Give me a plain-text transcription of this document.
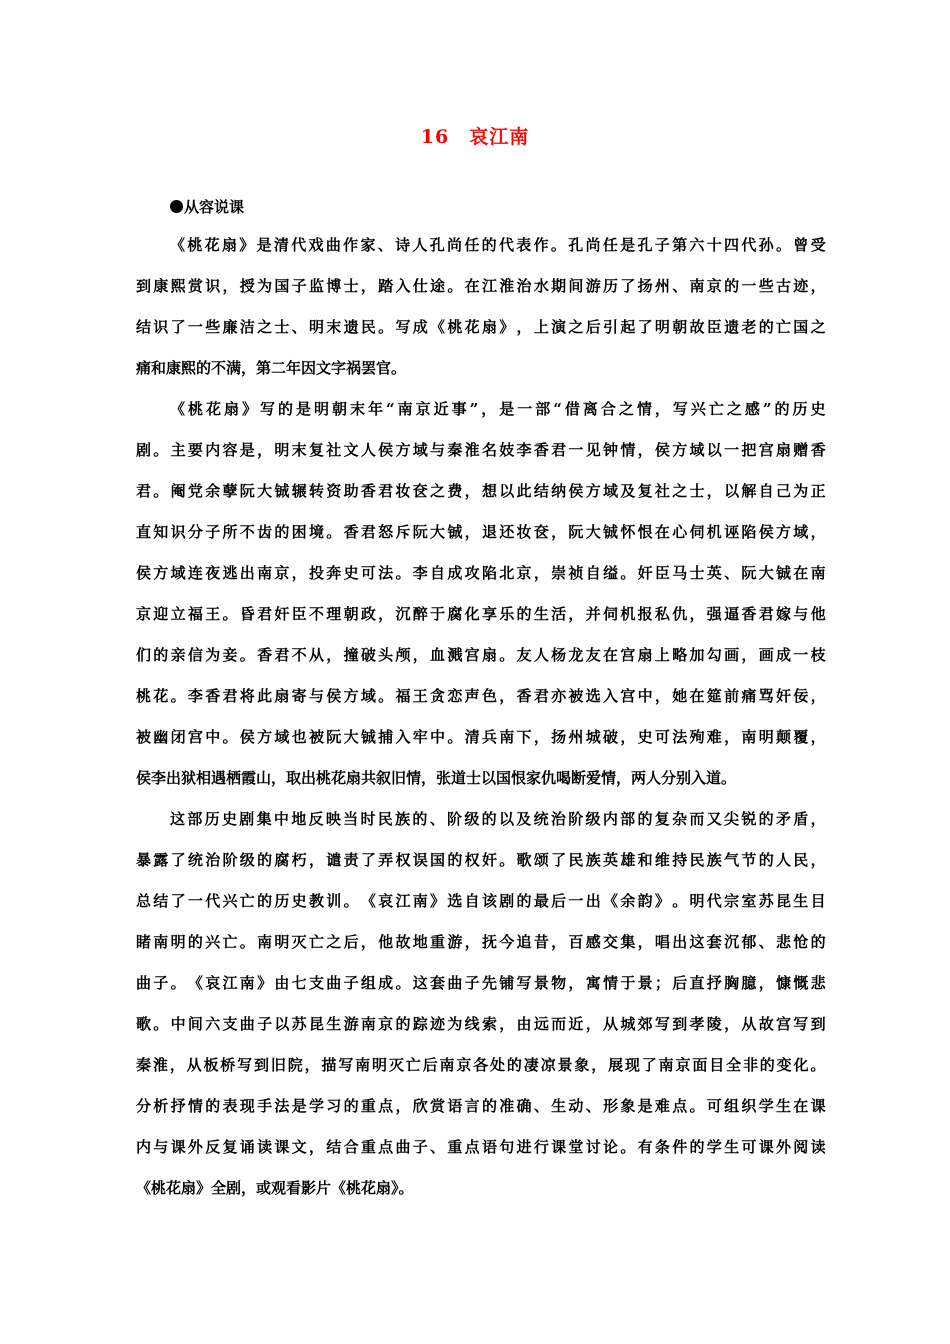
16　哀江南
从容说课
《 桃 花 扇 》 是 清 代 戏 曲 作 家 、 诗 人 孔 尚 任 的 代 表 作 。 孔 尚 任 是 孔 子 第 六 十 四 代 孙 。 曾 受
到 康 熙 赏 识 ， 授 为 国 子 监 博 士 ， 踏 入 仕 途 。 在 江 淮 治 水 期 间 游 历 了 扬 州 、 南 京 的 一 些 古 迹 ，
结 识 了 一 些 廉 洁 之 士 、 明 末 遗 民 。 写 成 《 桃 花 扇 》 ， 上 演 之 后 引 起 了 明 朝 故 臣 遗 老 的 亡 国 之
痛和康熙的不满，第二年因文字祸罢官。
《 桃 花 扇 》 写 的 是 明 朝 末 年 “ 南 京 近 事 ” ， 是 一 部 “ 借 离 合 之 情 ， 写 兴 亡 之 感 ” 的 历 史
剧 。 主 要 内 容 是 ， 明 末 复 社 文 人 侯 方 域 与 秦 淮 名 妓 李 香 君 一 见 钟 情 ， 侯 方 域 以 一 把 宫 扇 赠 香
君 。 阉 党 余 孽 阮 大 铖 辗 转 资 助 香 君 妆 奁 之 费 ， 想 以 此 结 纳 侯 方 域 及 复 社 之 士 ， 以 解 自 己 为 正
直 知 识 分 子 所 不 齿 的 困 境 。 香 君 怒 斥 阮 大 铖 ， 退 还 妆 奁 ， 阮 大 铖 怀 恨 在 心 伺 机 诬 陷 侯 方 域 ，
侯 方 域 连 夜 逃 出 南 京 ， 投 奔 史 可 法 。 李 自 成 攻 陷 北 京 ， 崇 祯 自 缢 。 奸 臣 马 士 英 、 阮 大 铖 在 南
京 迎 立 福 王 。 昏 君 奸 臣 不 理 朝 政 ， 沉 醉 于 腐 化 享 乐 的 生 活 ， 并 伺 机 报 私 仇 ， 强 逼 香 君 嫁 与 他
们 的 亲 信 为 妾 。 香 君 不 从 ， 撞 破 头 颅 ， 血 溅 宫 扇 。 友 人 杨 龙 友 在 宫 扇 上 略 加 勾 画 ， 画 成 一 枝
桃 花 。 李 香 君 将 此 扇 寄 与 侯 方 域 。 福 王 贪 恋 声 色 ， 香 君 亦 被 选 入 宫 中 ， 她 在 筵 前 痛 骂 奸 佞 ，
被 幽 闭 宫 中 。 侯 方 域 也 被 阮 大 铖 捕 入 牢 中 。 清 兵 南 下 ， 扬 州 城 破 ， 史 可 法 殉 难 ， 南 明 颠 覆 ，
侯李出狱相遇栖霞山，取出桃花扇共叙旧情，张道士以国恨家仇喝断爱情，两人分别入道。
这 部 历 史 剧 集 中 地 反 映 当 时 民 族 的 、 阶 级 的 以 及 统 治 阶 级 内 部 的 复 杂 而 又 尖 锐 的 矛 盾 ，
暴 露 了 统 治 阶 级 的 腐 朽 ， 谴 责 了 弄 权 误 国 的 权 奸 。 歌 颂 了 民 族 英 雄 和 维 持 民 族 气 节 的 人 民 ，
总 结 了 一 代 兴 亡 的 历 史 教 训 。 《 哀 江 南 》 选 自 该 剧 的 最 后 一 出 《 余 韵 》 。 明 代 宗 室 苏 昆 生 目
睹 南 明 的 兴 亡 。 南 明 灭 亡 之 后 ， 他 故 地 重 游 ， 抚 今 追 昔 ， 百 感 交 集 ， 唱 出 这 套 沉 郁 、 悲 怆 的
曲 子 。 《 哀 江 南 》 由 七 支 曲 子 组 成 。 这 套 曲 子 先 铺 写 景 物 ， 寓 情 于 景 ； 后 直 抒 胸 臆 ， 慷 慨 悲
歌 。 中 间 六 支 曲 子 以 苏 昆 生 游 南 京 的 踪 迹 为 线 索 ， 由 远 而 近 ， 从 城 郊 写 到 孝 陵 ， 从 故 宫 写 到
秦 淮 ， 从 板 桥 写 到 旧 院 ， 描 写 南 明 灭 亡 后 南 京 各 处 的 凄 凉 景 象 ， 展 现 了 南 京 面 目 全 非 的 变 化 。
分 析 抒 情 的 表 现 手 法 是 学 习 的 重 点 ， 欣 赏 语 言 的 准 确 、 生 动 、 形 象 是 难 点 。 可 组 织 学 生 在 课
内 与 课 外 反 复 诵 读 课 文 ， 结 合 重 点 曲 子 、 重 点 语 句 进 行 课 堂 讨 论 。 有 条 件 的 学 生 可 课 外 阅 读
《桃花扇》全剧，或观看影片《桃花扇》。
